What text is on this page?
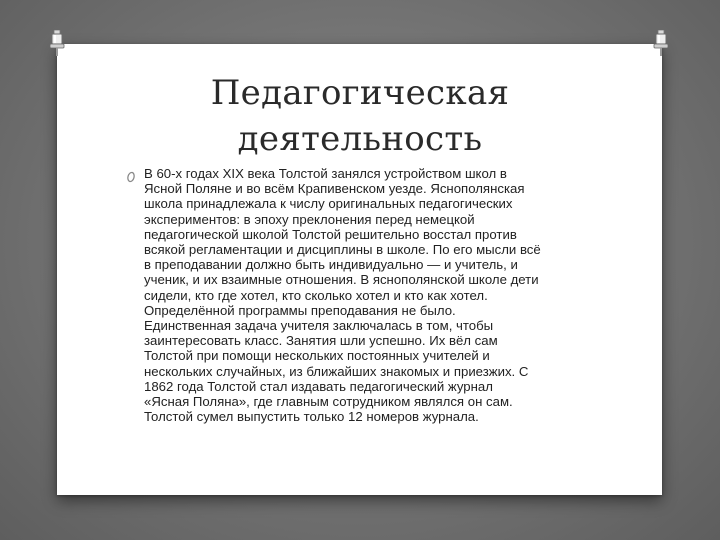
Педагогическая
деятельность
В 60-х годах XIX века Толстой занялся устройством школ в
Ясной Поляне и во всём Крапивенском уезде. Яснополянская
школа принадлежала к числу оригинальных педагогических
экспериментов: в эпоху преклонения перед немецкой
педагогической школой Толстой решительно восстал против
всякой регламентации и дисциплины в школе. По его мысли всё
в преподавании должно быть индивидуально — и учитель, и
ученик, и их взаимные отношения. В яснополянской школе дети
сидели, кто где хотел, кто сколько хотел и кто как хотел.
Определённой программы преподавания не было.
Единственная задача учителя заключалась в том, чтобы
заинтересовать класс. Занятия шли успешно. Их вёл сам
Толстой при помощи нескольких постоянных учителей и
нескольких случайных, из ближайших знакомых и приезжих. С
1862 года Толстой стал издавать педагогический журнал
«Ясная Поляна», где главным сотрудником являлся он сам.
Толстой сумел выпустить только 12 номеров журнала.
